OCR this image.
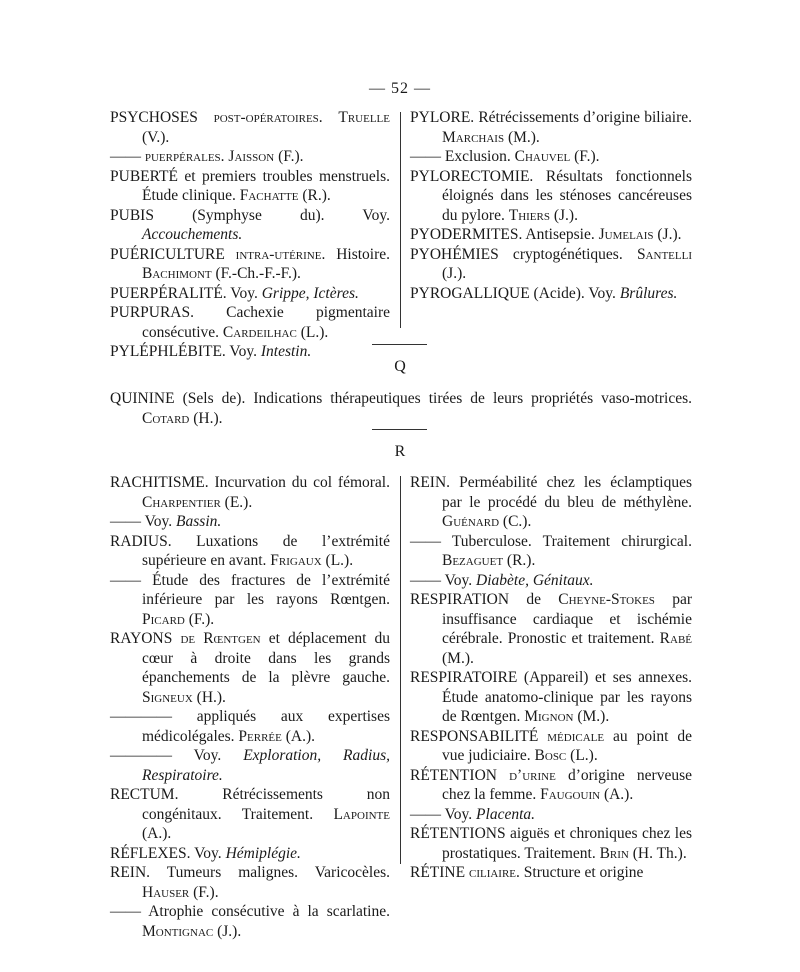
— 52 —

PSYCHOSES post-opératoires. Truelle (V.).

—— puerpérales. Jaisson (F.).

PUBERTÉ et premiers troubles menstruels. Étude clinique. Fachatte (R.).

PUBIS (Symphyse du). Voy. Accouchements.

PUÉRICULTURE intra-utérine. Histoire. Bachimont (F.-Ch.-F.-F.).

PUERPÉRALITÉ. Voy. Grippe, Ictères.

PURPURAS. Cachexie pigmentaire consécutive. Cardeilhac (L.).

PYLÉPHLÉBITE. Voy. Intestin.

PYLORE. Rétrécissements d’origine biliaire. Marchais (M.).

—— Exclusion. Chauvel (F.).

PYLORECTOMIE. Résultats fonctionnels éloignés dans les sténoses cancéreuses du pylore. Thiers (J.).

PYODERMITES. Antisepsie. Jumelais (J.).

PYOHÉMIES cryptogénétiques. Santelli (J.).

PYROGALLIQUE (Acide). Voy. Brûlures.

Q

QUININE (Sels de). Indications thérapeutiques tirées de leurs propriétés vaso-motrices. Cotard (H.).

R

RACHITISME. Incurvation du col fémoral. Charpentier (E.).

—— Voy. Bassin.

RADIUS. Luxations de l’extrémité supérieure en avant. Frigaux (L.).

—— Étude des fractures de l’extrémité inférieure par les rayons Rœntgen. Picard (F.).

RAYONS de Rœntgen et déplacement du cœur à droite dans les grands épanchements de la plèvre gauche. Signeux (H.).

———— appliqués aux expertises médicolégales. Perrée (A.).

———— Voy. Exploration, Radius, Respiratoire.

RECTUM. Rétrécissements non congénitaux. Traitement. Lapointe (A.).

RÉFLEXES. Voy. Hémiplégie.

REIN. Tumeurs malignes. Varicocèles. Hauser (F.).

—— Atrophie consécutive à la scarlatine. Montignac (J.).

REIN. Perméabilité chez les éclamptiques par le procédé du bleu de méthylène. Guénard (C.).

—— Tuberculose. Traitement chirurgical. Bezaguet (R.).

—— Voy. Diabète, Génitaux.

RESPIRATION de Cheyne-Stokes par insuffisance cardiaque et ischémie cérébrale. Pronostic et traitement. Rabé (M.).

RESPIRATOIRE (Appareil) et ses annexes. Étude anatomo-clinique par les rayons de Rœntgen. Mignon (M.).

RESPONSABILITÉ médicale au point de vue judiciaire. Bosc (L.).

RÉTENTION d’urine d’origine nerveuse chez la femme. Faugouin (A.).

—— Voy. Placenta.

RÉTENTIONS aiguës et chroniques chez les prostatiques. Traitement. Brin (H. Th.).

RÉTINE ciliaire. Structure et origine
